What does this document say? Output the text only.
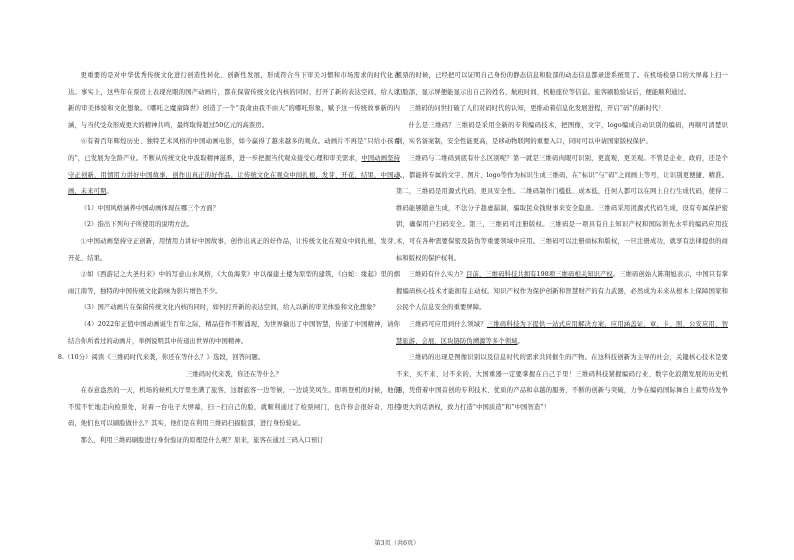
更重要的是对中华优秀传统文化进行创造性转化、创新性发展，形成符合当下审美习惯和市场需求的时代化表达。事实上，这些年在票房上表现亮眼的国产动画片，都在保留传统文化内核的同时，打开了新的表达空间，给人以新的审美体验和文化想象。《哪吒之魔童降世》创造了一个“我命由我不由天”的哪吒形象，赋予这一传统故事新的内涵，与当代受众形成更大的精神共鸣，最终取得超过50亿元的高票房。

⑥有着百年辉煌历史、独特艺术风格的中国动画电影，如今赢得了越来越多的观众。动画片不再是“只给小孩看的”，已发展为全龄产业。不断从传统文化中汲取精神滋养，进一步把握当代观众接受心理和审美需求，中国动画坚持守正创新，用情用力讲好中国故事，创作出真正的好作品，让传统文化在观众中间扎根，发芽、开花、结果，中国动画，未来可期。

（1）中国风格涵养中国动画体现在哪三个方面？

（2）指出下列句子所使用的说明方法。

①中国动画坚持守正创新，用情用力讲好中国故事，创作出真正的好作品，让传统文化在观众中间扎根，发芽、开花、结果。

②如《西游记之大圣归来》中的写意山水风格，《大鱼海棠》中以福建土楼为原型的建筑，《白蛇：缘起》里的烟雨江南等，独特的中国传统文化韵味为影片增色不少。

（3）国产动画片在保留传统文化内核的同时，如何打开新的表达空间，给人以新的审美体验和文化想象？

（4）2022年正值中国动画诞生百年之际，精品佳作不断涌现，为世界输出了中国智慧，传递了中国精神，请你结合你所看过的动画片，举例说明其中传递出世界的中国精神。

8.（10分）阅读《三维码时代来袭，你还在等什么？》选段，回答问题。

三维码时代来袭，你还在等什么？

在春意盎然的一天，机场的候机大厅里坐满了旅客，这群旅客一边等候，一边谈笑风生。即将登机的时候，他们不慌不忙地走向检票处，对着一台电子大屏幕，扫一扫自己的脸，就顺利通过了检票闸门，也许你会很好奇，用扫码，他们也可以刷脸做什么？其实，他们是在利用三维码扫描脸部，进行身份验证。

那么，利用三维码刷脸进行身份验证的原理是什么呢？原来，旅客在通过三码入口预订

机票的时候，已经把可以证明自己身份的静态信息和脸部的动态信息都录进系统里了。在机场检票口的大屏幕上扫一扫脸部，显示屏便能显示出自己的姓名、航班时间、机舱座位等信息。旅客刷脸验证后，便能顺利通过。

三维码的问世打破了人们对码时代的认知，更推动着信息化发展进程，开启“码”的新时代！

什么是三维码？三维码是采用全新的专利编码技术，把图像，文字，logo编成自动识别的编码，再顺可清楚识别，实名备案制，安全性能更高，是移动物联网的重要入口，同时可以申请国家版权保护。

三维码与二维码到底有什么区别呢？第一就是三维码肉眼可识别，更直观、更美观。不管是企业、政府，还是个人，都能将专属的文字、图片、logo等作为标识生成三维码，在“标识”与“码”之间画上等号，让识别更便捷、精准。第二，三维码是用源式代码，更具安全性。二维码制作门槛低、成本低，任何人都可以在网上自行生成代码，使得二维码能够随意生成，不法分子趁虚漏洞，骗取民众钱财事来安全隐患。三维码采用闭源式代码生成，设有专属保护密钥，确保用户扫码安全。第三，三维码可注册版权。三维码是一项具有自主知识产权和国际领先水平的编码应用技术，可在各种需要保密及防伪等重要领域中应用。三维码可以注册商标和版权，一旦注册成功，就享有法律提供的商标和版权的保护权利。

三维码有什么实力？目前，三维码科技共拥有198项三维码相关知识产权。三维码创始人陈翔旭表示，中国只有掌握编码核心技术才能拥有主动权。知识产权作为保护创新和智慧财产的有力武器，必然成为未来从根本上保障国家和公民个人信息安全的重要屏障。

三维码可应用到什么领域？三维码科技为下提供一站式应用解决方案，应用涵盖证、章、卡、照、公安应用、智慧旅游、会展、区块链防伪溯源等多个领域。

三维码的出现是图像识别以及信息时代的需求共同催生的产物。在这科技创新为主导的社会，关键核心技术是要不来、买不来、讨不来的，大国重器一定要掌握在自己手里！三维码科技紧握编码行业、数字化浪潮发展的历史机遇，凭借着中国首创的专利技术、优质的产品和卓越的服务，不断的创新与突破，力争在编码国际舞台上蓄势待发争夺更大的话语权，致力打造“中国质造”和“中国智造”！

第3页（共6页）
